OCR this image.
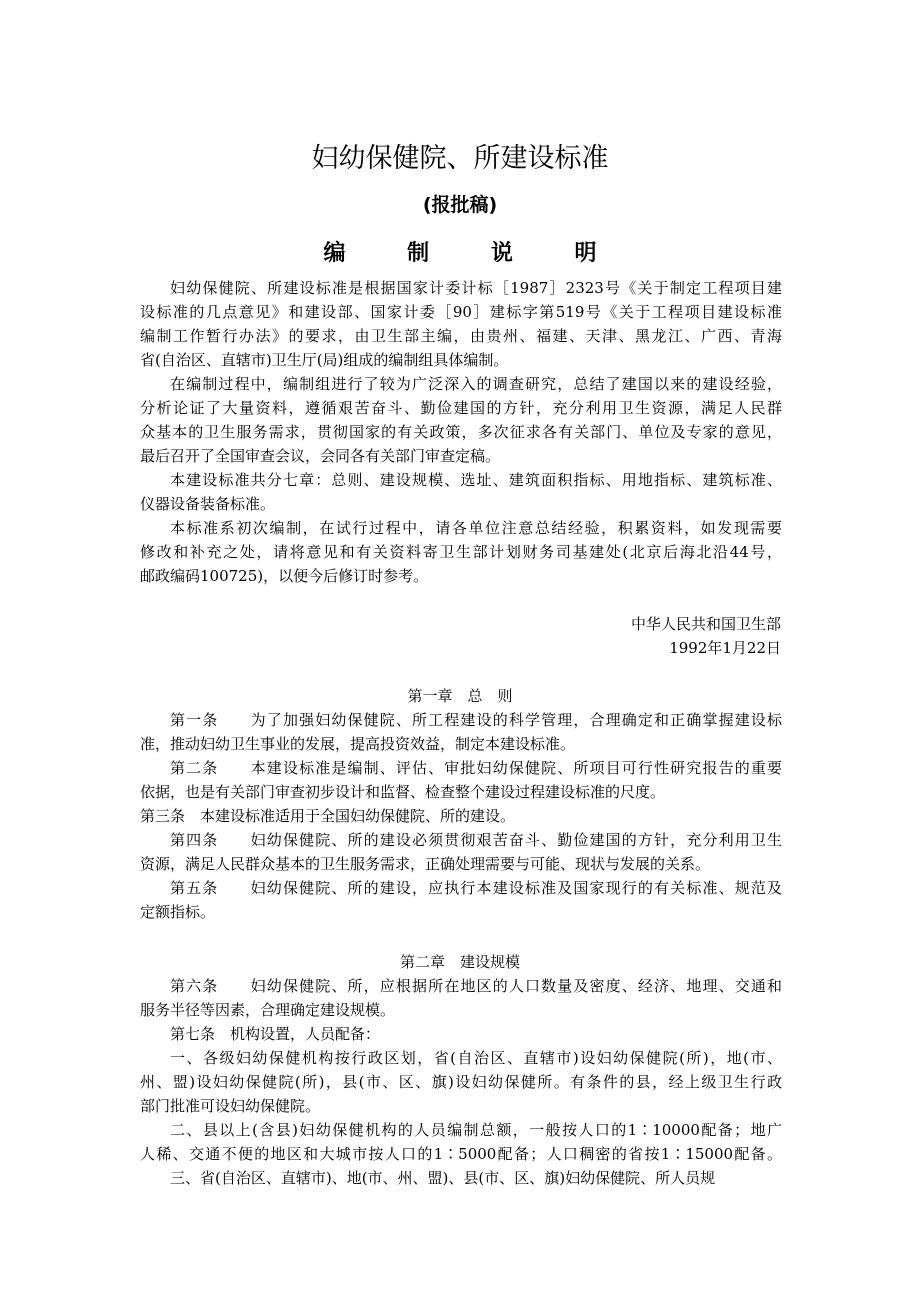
妇幼保健院、所建设标准
(报批稿)
编 制 说 明
妇幼保健院、所建设标准是根据国家计委计标［1987］2323号《关于制定工程项目建
设标准的几点意见》和建设部、国家计委［90］建标字第519号《关于工程项目建设标准
编制工作暂行办法》的要求，由卫生部主编，由贵州、福建、天津、黑龙江、广西、青海
省(自治区、直辖市)卫生厅(局)组成的编制组具体编制。
在编制过程中，编制组进行了较为广泛深入的调查研究，总结了建国以来的建设经验，
分析论证了大量资料，遵循艰苦奋斗、勤俭建国的方针，充分利用卫生资源，满足人民群
众基本的卫生服务需求，贯彻国家的有关政策，多次征求各有关部门、单位及专家的意见，
最后召开了全国审查会议，会同各有关部门审查定稿。
本建设标准共分七章：总则、建设规模、选址、建筑面积指标、用地指标、建筑标准、
仪器设备装备标准。
本标准系初次编制，在试行过程中，请各单位注意总结经验，积累资料，如发现需要
修改和补充之处，请将意见和有关资料寄卫生部计划财务司基建处(北京后海北沿44号，
邮政编码100725)，以便今后修订时参考。
中华人民共和国卫生部
1992年1月22日
第一章　总　则
第一条　　为了加强妇幼保健院、所工程建设的科学管理，合理确定和正确掌握建设标
准，推动妇幼卫生事业的发展，提高投资效益，制定本建设标准。
第二条　　本建设标准是编制、评估、审批妇幼保健院、所项目可行性研究报告的重要
依据，也是有关部门审查初步设计和监督、检查整个建设过程建设标准的尺度。
第三条　本建设标准适用于全国妇幼保健院、所的建设。
第四条　　妇幼保健院、所的建设必须贯彻艰苦奋斗、勤俭建国的方针，充分利用卫生
资源，满足人民群众基本的卫生服务需求，正确处理需要与可能、现状与发展的关系。
第五条　　妇幼保健院、所的建设，应执行本建设标准及国家现行的有关标准、规范及
定额指标。
第二章　建设规模
第六条　　妇幼保健院、所，应根据所在地区的人口数量及密度、经济、地理、交通和
服务半径等因素，合理确定建设规模。
第七条　机构设置，人员配备：
一、各级妇幼保健机构按行政区划，省(自治区、直辖市)设妇幼保健院(所)，地(市、
州、盟)设妇幼保健院(所)，县(市、区、旗)设妇幼保健所。有条件的县，经上级卫生行政
部门批准可设妇幼保健院。
二、县以上(含县)妇幼保健机构的人员编制总额，一般按人口的1∶10000配备；地广
人稀、交通不便的地区和大城市按人口的1∶5000配备；人口稠密的省按1∶15000配备。
三、省(自治区、直辖市)、地(市、州、盟)、县(市、区、旗)妇幼保健院、所人员规
